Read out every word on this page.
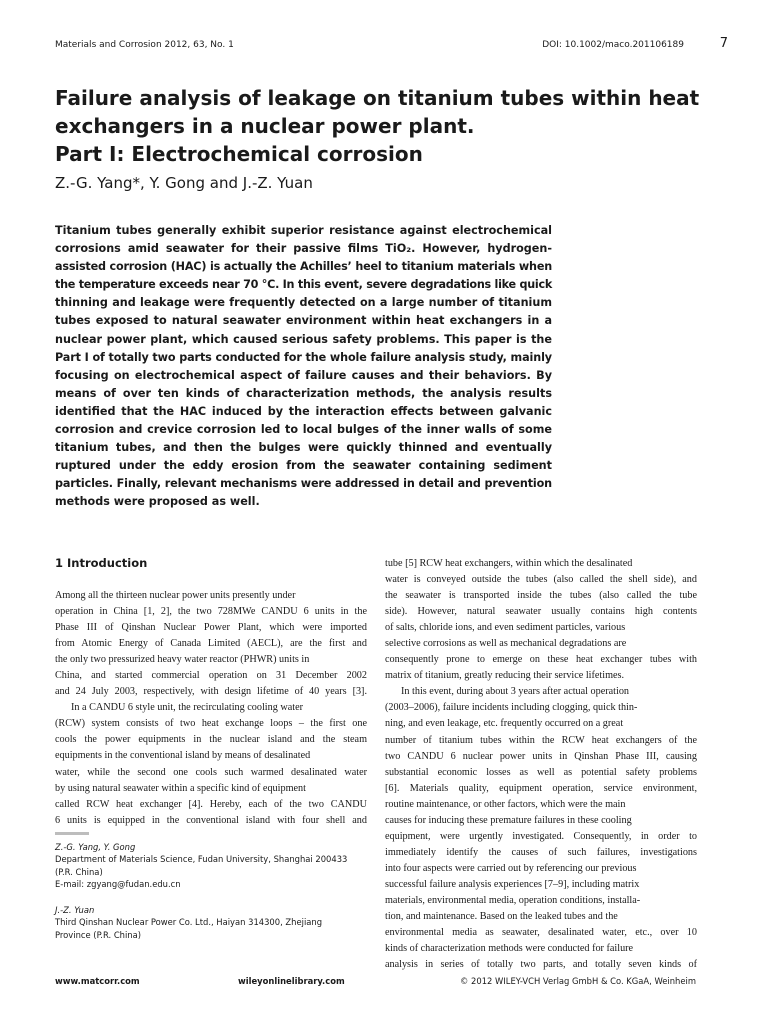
Materials and Corrosion 2012, 63, No. 1	DOI: 10.1002/maco.201106189	7
Failure analysis of leakage on titanium tubes within heat
exchangers in a nuclear power plant.
Part I: Electrochemical corrosion
Z.-G. Yang*, Y. Gong and J.-Z. Yuan
Titanium tubes generally exhibit superior resistance against electrochemical
corrosions amid seawater for their passive films TiO₂. However, hydrogen-
assisted corrosion (HAC) is actually the Achilles’ heel to titanium materials when
the temperature exceeds near 70 °C. In this event, severe degradations like quick
thinning and leakage were frequently detected on a large number of titanium
tubes exposed to natural seawater environment within heat exchangers in a
nuclear power plant, which caused serious safety problems. This paper is the
Part I of totally two parts conducted for the whole failure analysis study, mainly
focusing on electrochemical aspect of failure causes and their behaviors. By
means of over ten kinds of characterization methods, the analysis results
identified that the HAC induced by the interaction effects between galvanic
corrosion and crevice corrosion led to local bulges of the inner walls of some
titanium tubes, and then the bulges were quickly thinned and eventually
ruptured under the eddy erosion from the seawater containing sediment
particles. Finally, relevant mechanisms were addressed in detail and prevention
methods were proposed as well.
1 Introduction
Among all the thirteen nuclear power units presently under
operation in China [1, 2], the two 728MWe CANDU 6 units in the
Phase III of Qinshan Nuclear Power Plant, which were imported
from Atomic Energy of Canada Limited (AECL), are the first and
the only two pressurized heavy water reactor (PHWR) units in
China, and started commercial operation on 31 December 2002
and 24 July 2003, respectively, with design lifetime of 40 years [3].
In a CANDU 6 style unit, the recirculating cooling water
(RCW) system consists of two heat exchange loops – the first one
cools the power equipments in the nuclear island and the steam
equipments in the conventional island by means of desalinated
water, while the second one cools such warmed desalinated water
by using natural seawater within a specific kind of equipment
called RCW heat exchanger [4]. Hereby, each of the two CANDU
6 units is equipped in the conventional island with four shell and
tube [5] RCW heat exchangers, within which the desalinated
water is conveyed outside the tubes (also called the shell side), and
the seawater is transported inside the tubes (also called the tube
side). However, natural seawater usually contains high contents
of salts, chloride ions, and even sediment particles, various
selective corrosions as well as mechanical degradations are
consequently prone to emerge on these heat exchanger tubes with
matrix of titanium, greatly reducing their service lifetimes.
In this event, during about 3 years after actual operation
(2003–2006), failure incidents including clogging, quick thin-
ning, and even leakage, etc. frequently occurred on a great
number of titanium tubes within the RCW heat exchangers of the
two CANDU 6 nuclear power units in Qinshan Phase III, causing
substantial economic losses as well as potential safety problems
[6]. Materials quality, equipment operation, service environment,
routine maintenance, or other factors, which were the main
causes for inducing these premature failures in these cooling
equipment, were urgently investigated. Consequently, in order to
immediately identify the causes of such failures, investigations
into four aspects were carried out by referencing our previous
successful failure analysis experiences [7–9], including matrix
materials, environmental media, operation conditions, installa-
tion, and maintenance. Based on the leaked tubes and the
environmental media as seawater, desalinated water, etc., over 10
kinds of characterization methods were conducted for failure
analysis in series of totally two parts, and totally seven kinds of
Z.-G. Yang, Y. Gong
Department of Materials Science, Fudan University, Shanghai 200433
(P.R. China)
E-mail: zgyang@fudan.edu.cn
J.-Z. Yuan
Third Qinshan Nuclear Power Co. Ltd., Haiyan 314300, Zhejiang
Province (P.R. China)
www.matcorr.com	wileyonlinelibrary.com	© 2012 WILEY-VCH Verlag GmbH & Co. KGaA, Weinheim
